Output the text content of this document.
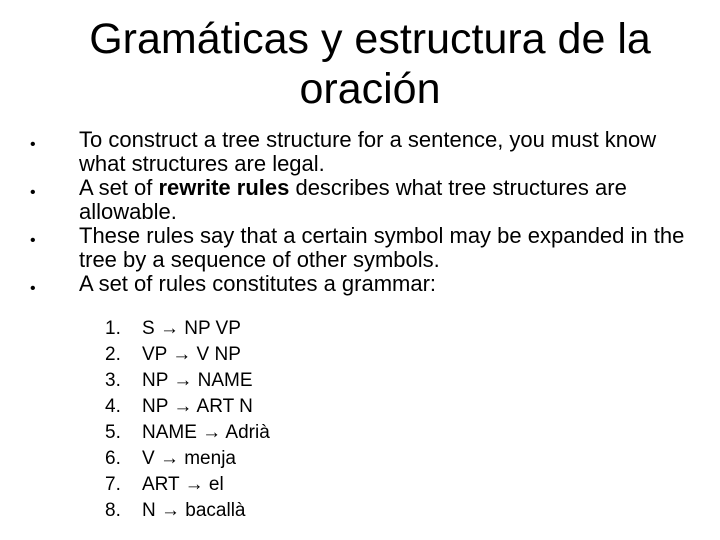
Gramáticas y estructura de la
oración
• To construct a tree structure for a sentence, you must know what structures are legal.
• A set of rewrite rules describes what tree structures are allowable.
• These rules say that a certain symbol may be expanded in the tree by a sequence of other symbols.
• A set of rules constitutes a grammar:
1.	S → NP VP
2.	VP → V NP
3.	NP → NAME
4.	NP → ART N
5.	NAME → Adrià
6.	V → menja
7.	ART → el
8.	N → bacallà
